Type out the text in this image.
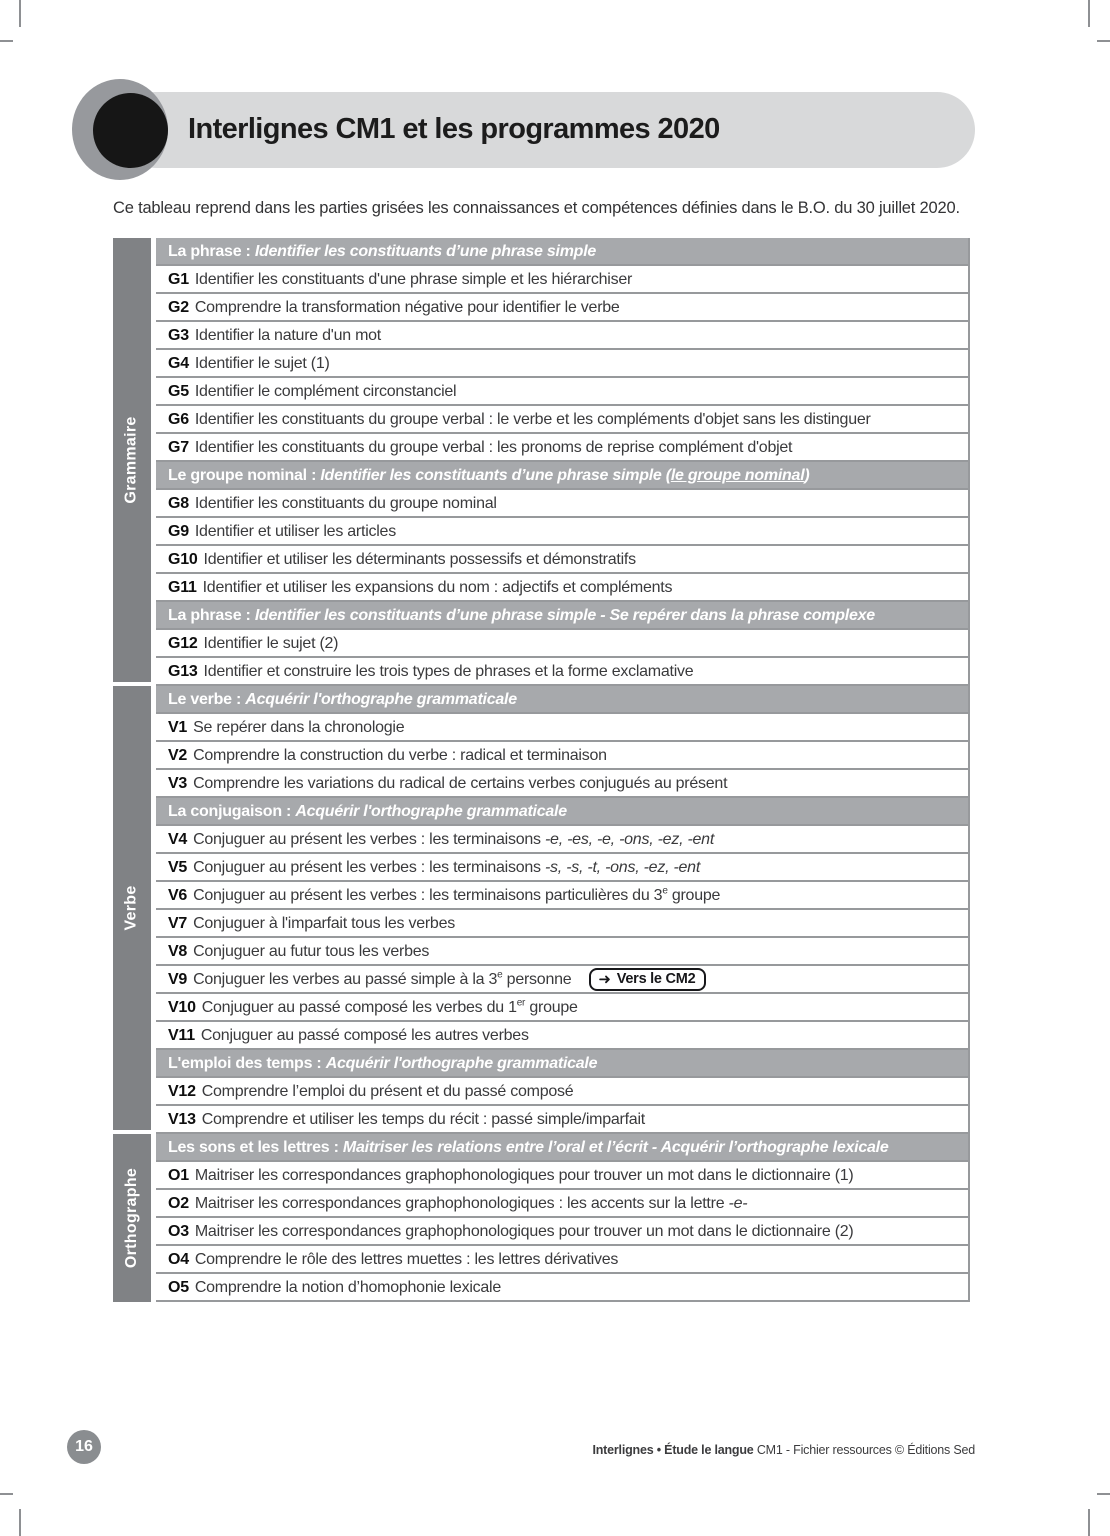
Interlignes CM1 et les programmes 2020

Ce tableau reprend dans les parties grisées les connaissances et compétences définies dans le B.O. du 30 juillet 2020.

Grammaire
La phrase : Identifier les constituants d’une phrase simple
G1 Identifier les constituants d'une phrase simple et les hiérarchiser
G2 Comprendre la transformation négative pour identifier le verbe
G3 Identifier la nature d'un mot
G4 Identifier le sujet (1)
G5 Identifier le complément circonstanciel
G6 Identifier les constituants du groupe verbal : le verbe et les compléments d'objet sans les distinguer
G7 Identifier les constituants du groupe verbal : les pronoms de reprise complément d'objet
Le groupe nominal : Identifier les constituants d’une phrase simple (le groupe nominal)
G8 Identifier les constituants du groupe nominal
G9 Identifier et utiliser les articles
G10 Identifier et utiliser les déterminants possessifs et démonstratifs
G11 Identifier et utiliser les expansions du nom : adjectifs et compléments
La phrase : Identifier les constituants d’une phrase simple - Se repérer dans la phrase complexe
G12 Identifier le sujet (2)
G13 Identifier et construire les trois types de phrases et la forme exclamative
Verbe
Le verbe : Acquérir l'orthographe grammaticale
V1 Se repérer dans la chronologie
V2 Comprendre la construction du verbe : radical et terminaison
V3 Comprendre les variations du radical de certains verbes conjugués au présent
La conjugaison : Acquérir l'orthographe grammaticale
V4 Conjuguer au présent les verbes : les terminaisons -e, -es, -e, -ons, -ez, -ent
V5 Conjuguer au présent les verbes : les terminaisons -s, -s, -t, -ons, -ez, -ent
V6 Conjuguer au présent les verbes : les terminaisons particulières du 3e groupe
V7 Conjuguer à l'imparfait tous les verbes
V8 Conjuguer au futur tous les verbes
V9 Conjuguer les verbes au passé simple à la 3e personne ➜ Vers le CM2
V10 Conjuguer au passé composé les verbes du 1er groupe
V11 Conjuguer au passé composé les autres verbes
L'emploi des temps : Acquérir l'orthographe grammaticale
V12 Comprendre l’emploi du présent et du passé composé
V13 Comprendre et utiliser les temps du récit : passé simple/imparfait
Orthographe
Les sons et les lettres : Maitriser les relations entre l’oral et l’écrit - Acquérir l’orthographe lexicale
O1 Maitriser les correspondances graphophonologiques pour trouver un mot dans le dictionnaire (1)
O2 Maitriser les correspondances graphophonologiques : les accents sur la lettre -e-
O3 Maitriser les correspondances graphophonologiques pour trouver un mot dans le dictionnaire (2)
O4 Comprendre le rôle des lettres muettes : les lettres dérivatives
O5 Comprendre la notion d’homophonie lexicale
16	Interlignes • Étude le langue CM1 - Fichier ressources © Éditions Sed
